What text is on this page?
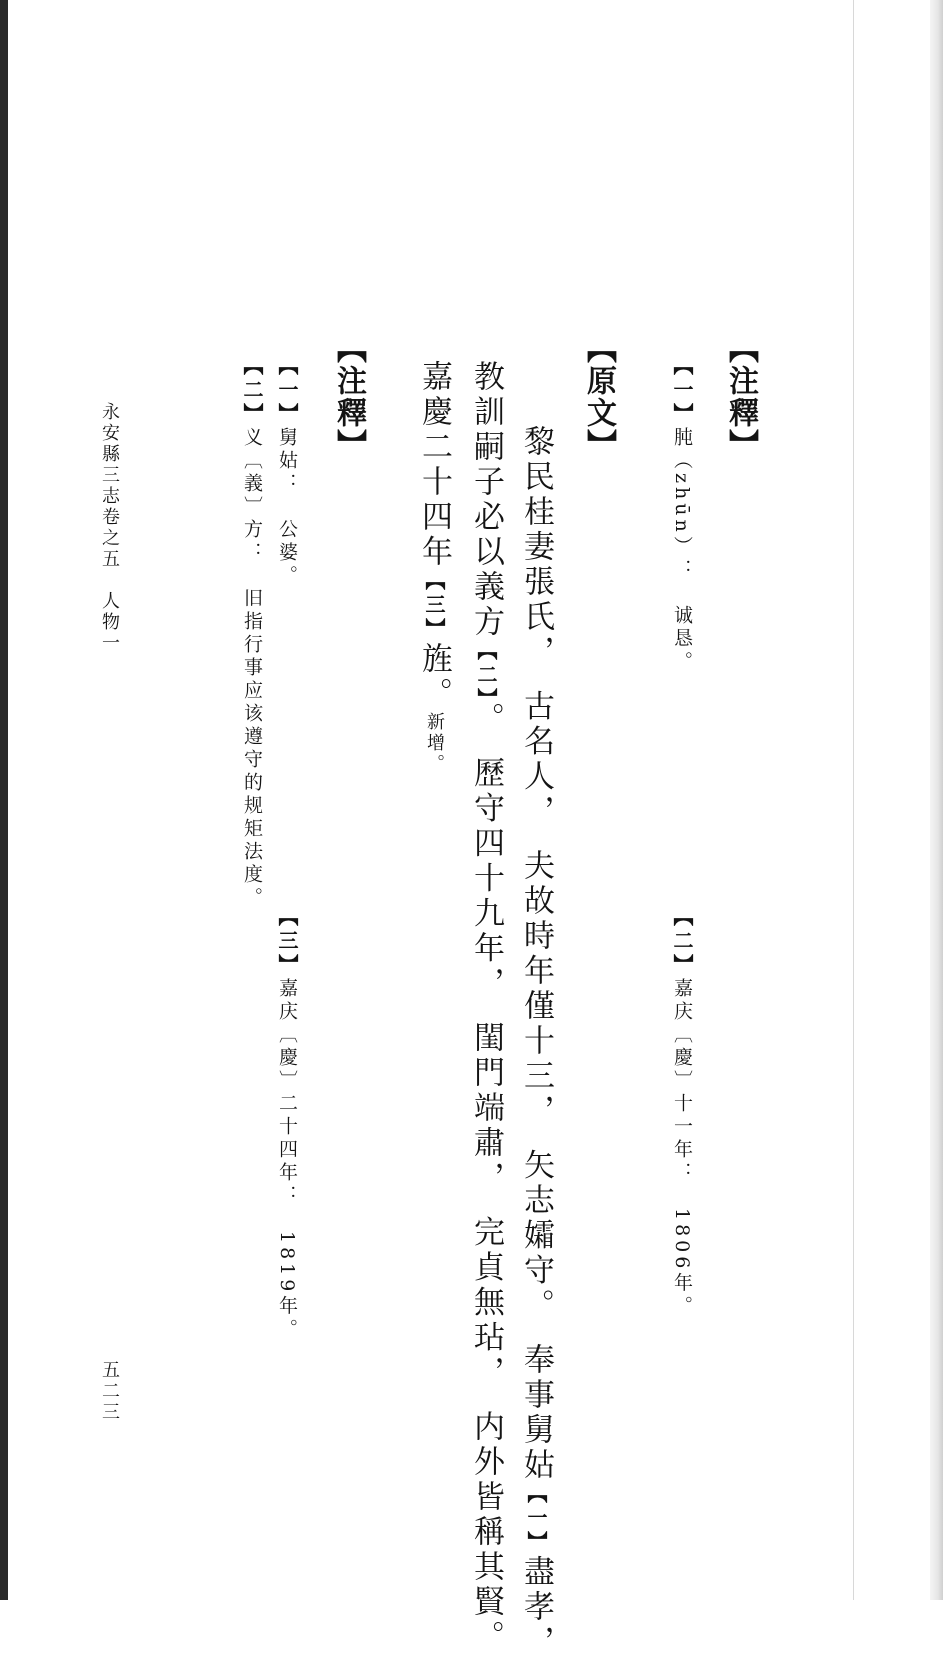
【注釋】
【一】肫（zhūn）：　诚恳。
【二】嘉庆〔慶〕十一年：　1806年。
【原文】
黎民桂妻張氏，　古名人，　夫故時年僅十三，　矢志孀守。　奉事舅姑【一】盡孝，
教訓嗣子必以義方【二】。　歷守四十九年，　閨門端肅，　完貞無玷，　内外皆稱其賢。
嘉慶二十四年【三】旌。新增。
【注釋】
【一】舅姑：　公婆。
【三】嘉庆〔慶〕二十四年：　1819年。
【二】义〔義〕方：　旧指行事应该遵守的规矩法度。
永安縣三志卷之五　人物一
五二三
